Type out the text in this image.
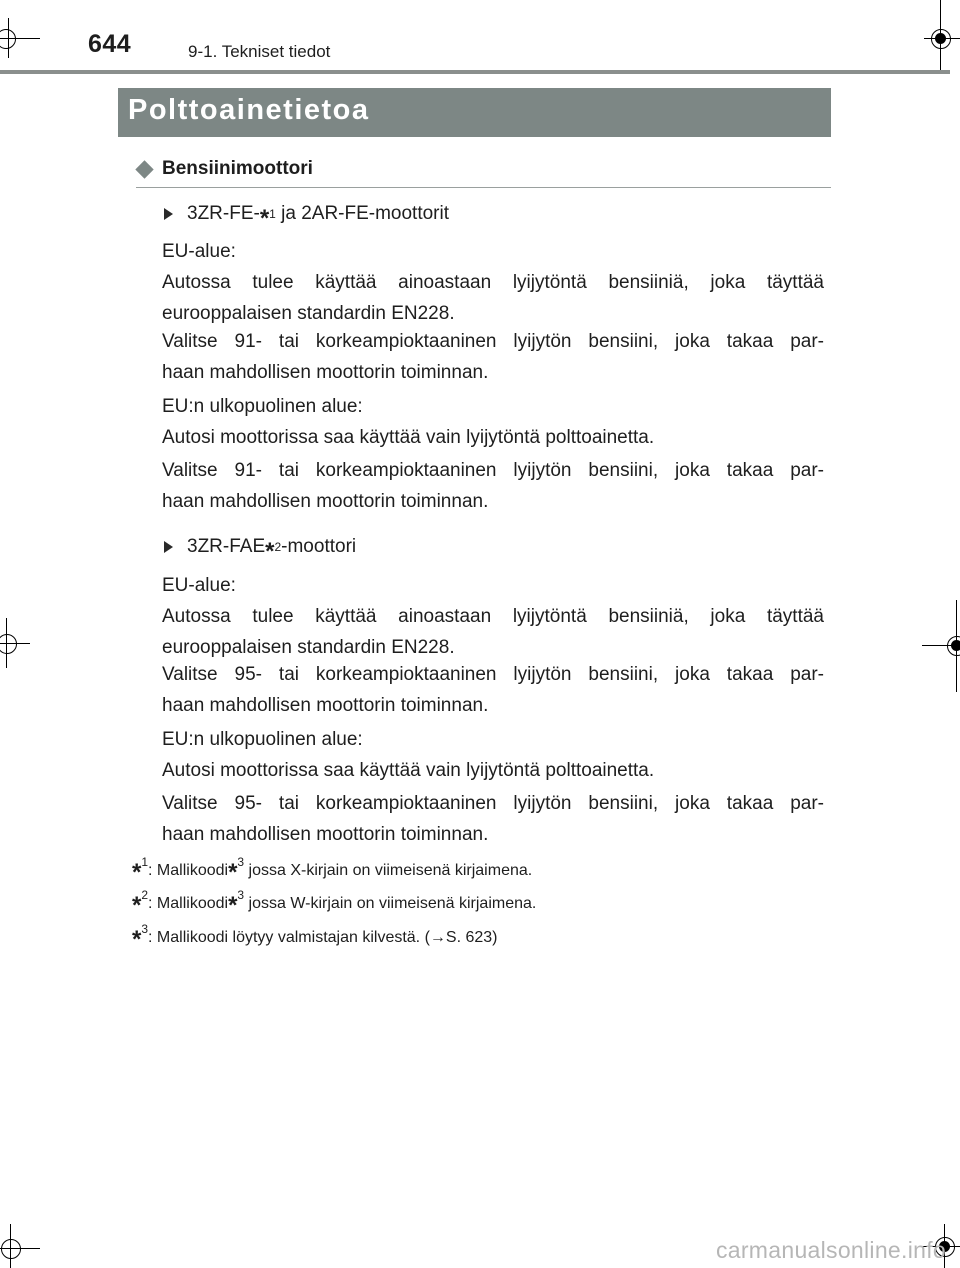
644	9-1. Tekniset tiedot
Polttoainetietoa
Bensiinimoottori
3ZR-FE- * 1 ja 2AR-FE-moottorit
EU-alue:
Autossa tulee käyttää ainoastaan lyijytöntä bensiiniä, joka täyttää
eurooppalaisen standardin EN228.
Valitse 91- tai korkeampioktaaninen lyijytön bensiini, joka takaa par-
haan mahdollisen moottorin toiminnan.
EU:n ulkopuolinen alue:
Autosi moottorissa saa käyttää vain lyijytöntä polttoainetta.
Valitse 91- tai korkeampioktaaninen lyijytön bensiini, joka takaa par-
haan mahdollisen moottorin toiminnan.
3ZR-FAE * 2 -moottori
EU-alue:
Autossa tulee käyttää ainoastaan lyijytöntä bensiiniä, joka täyttää
eurooppalaisen standardin EN228.
Valitse 95- tai korkeampioktaaninen lyijytön bensiini, joka takaa par-
haan mahdollisen moottorin toiminnan.
EU:n ulkopuolinen alue:
Autosi moottorissa saa käyttää vain lyijytöntä polttoainetta.
Valitse 95- tai korkeampioktaaninen lyijytön bensiini, joka takaa par-
haan mahdollisen moottorin toiminnan.
*$^1$: Mallikoodi*$^3$ jossa X-kirjain on viimeisenä kirjaimena.
*$^2$: Mallikoodi*$^3$ jossa W-kirjain on viimeisenä kirjaimena.
*$^3$: Mallikoodi löytyy valmistajan kilvestä. (→S. 623)
carmanualsonline.info
